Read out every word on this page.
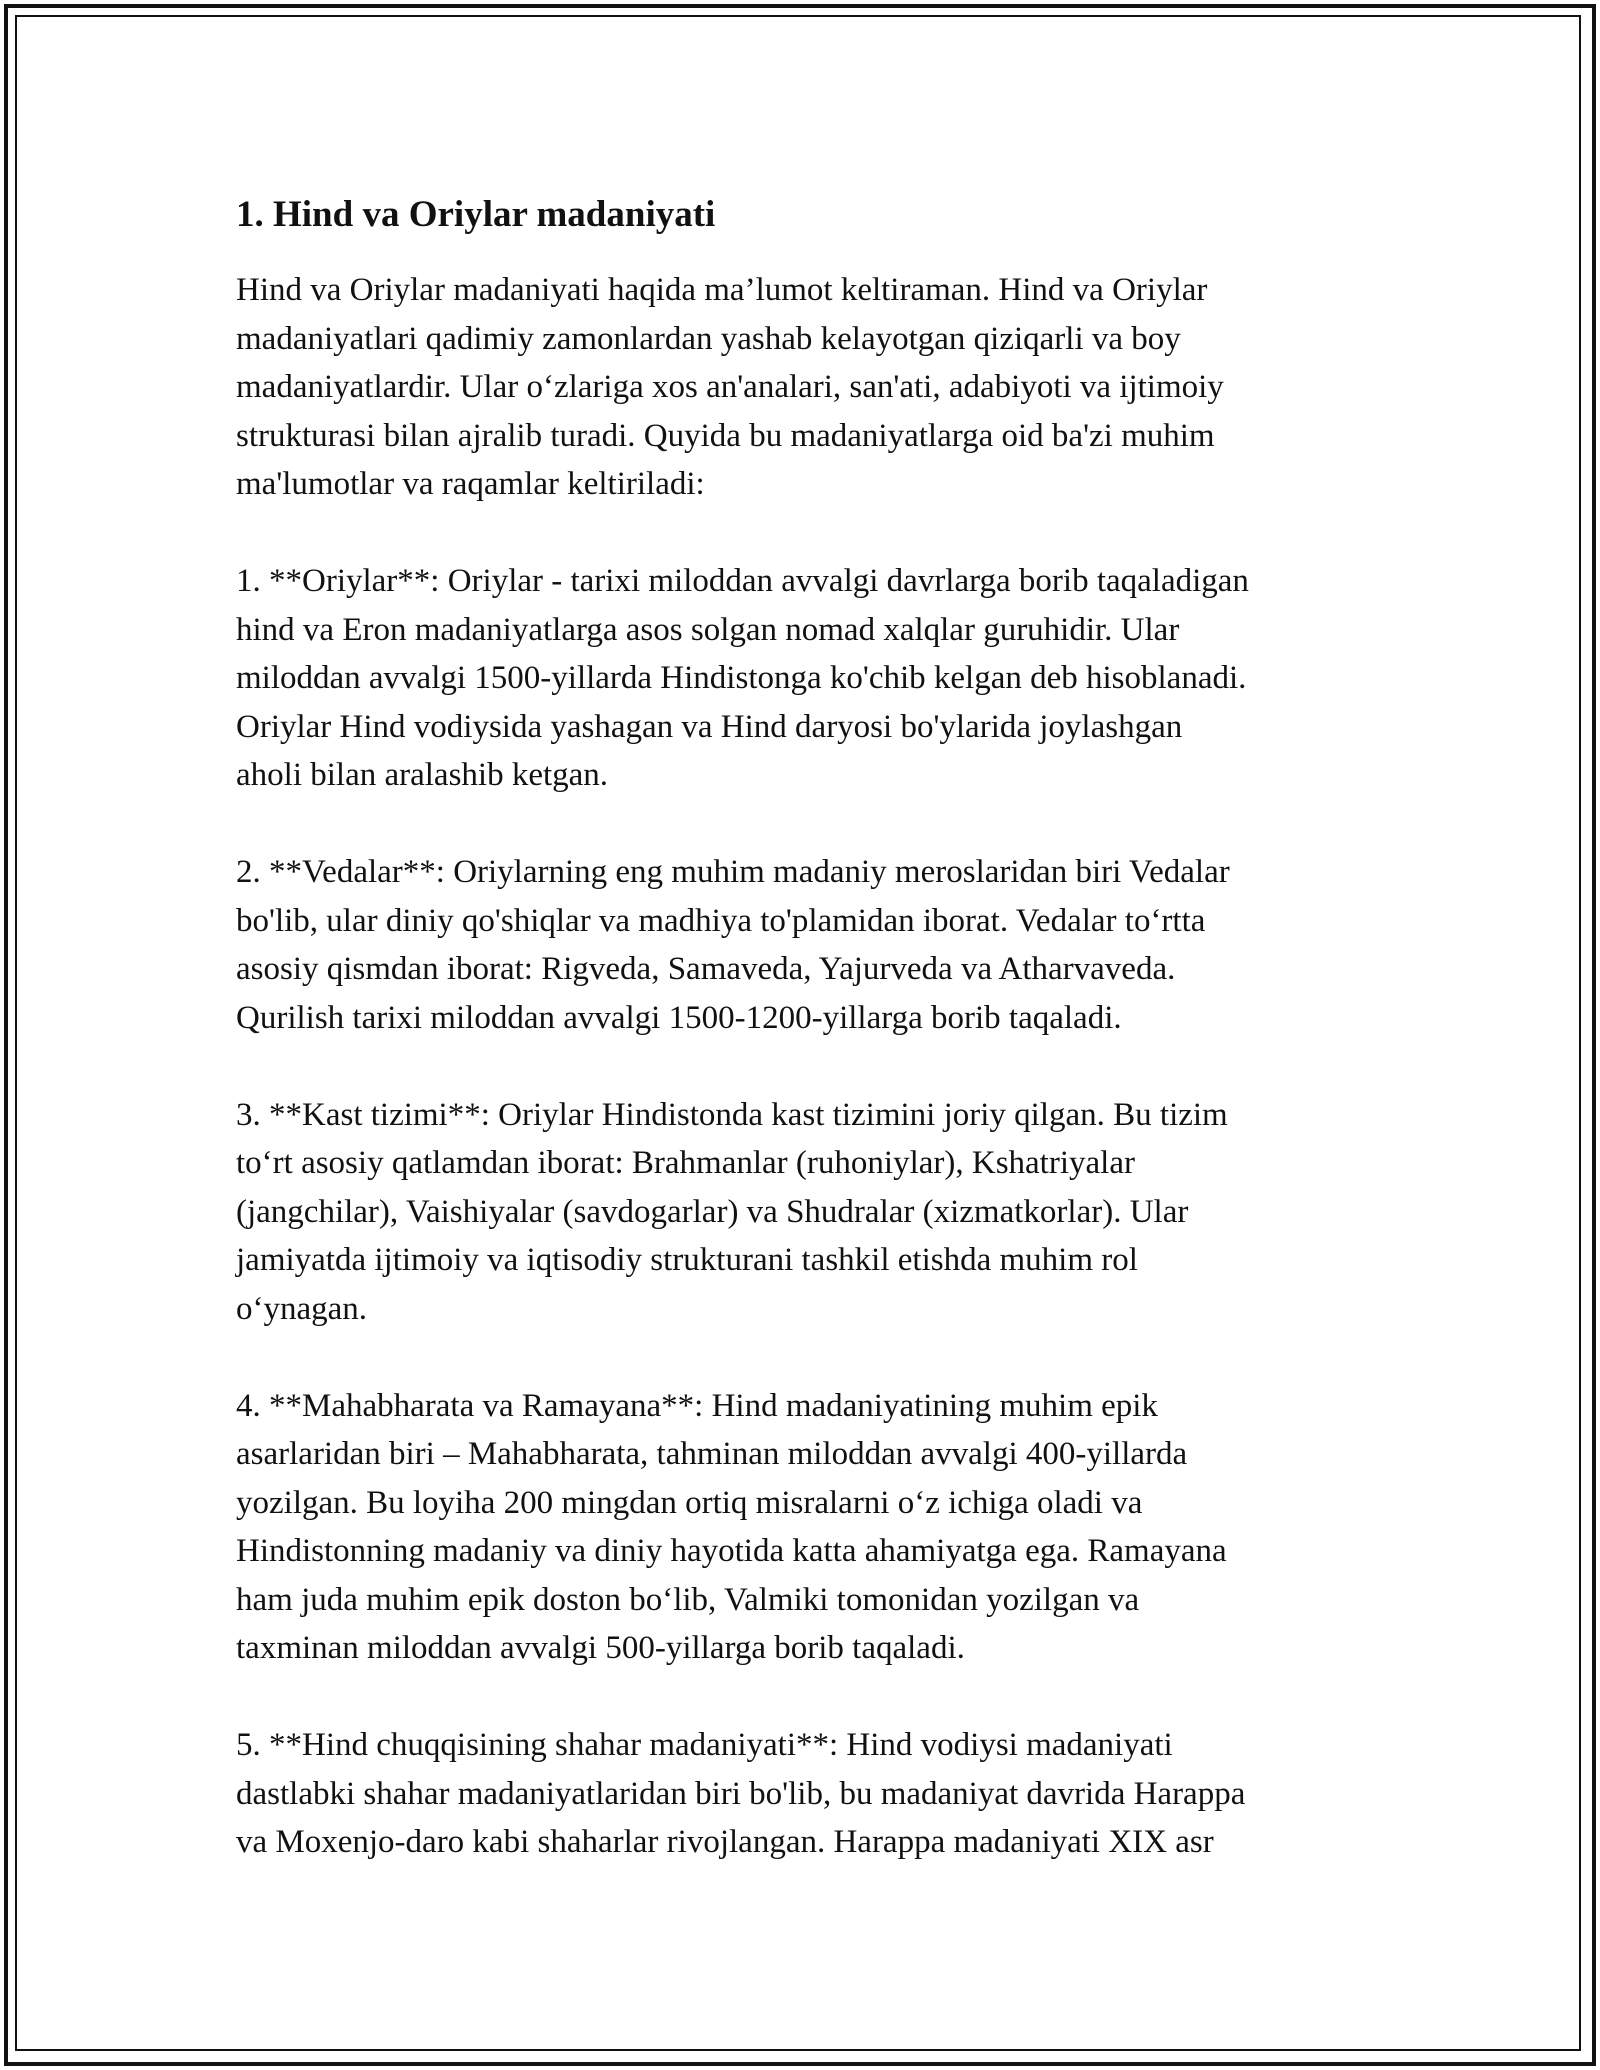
1. Hind va Oriylar madaniyati

Hind va Oriylar madaniyati haqida ma’lumot keltiraman. Hind va Oriylar
madaniyatlari qadimiy zamonlardan yashab kelayotgan qiziqarli va boy
madaniyatlardir. Ular o‘zlariga xos an'analari, san'ati, adabiyoti va ijtimoiy
strukturasi bilan ajralib turadi. Quyida bu madaniyatlarga oid ba'zi muhim
ma'lumotlar va raqamlar keltiriladi:

1. **Oriylar**: Oriylar - tarixi miloddan avvalgi davrlarga borib taqaladigan
hind va Eron madaniyatlarga asos solgan nomad xalqlar guruhidir. Ular
miloddan avvalgi 1500-yillarda Hindistonga ko'chib kelgan deb hisoblanadi.
Oriylar Hind vodiysida yashagan va Hind daryosi bo'ylarida joylashgan
aholi bilan aralashib ketgan.

2. **Vedalar**: Oriylarning eng muhim madaniy meroslaridan biri Vedalar
bo'lib, ular diniy qo'shiqlar va madhiya to'plamidan iborat. Vedalar to‘rtta
asosiy qismdan iborat: Rigveda, Samaveda, Yajurveda va Atharvaveda.
Qurilish tarixi miloddan avvalgi 1500-1200-yillarga borib taqaladi.

3. **Kast tizimi**: Oriylar Hindistonda kast tizimini joriy qilgan. Bu tizim
to‘rt asosiy qatlamdan iborat: Brahmanlar (ruhoniylar), Kshatriyalar
(jangchilar), Vaishiyalar (savdogarlar) va Shudralar (xizmatkorlar). Ular
jamiyatda ijtimoiy va iqtisodiy strukturani tashkil etishda muhim rol
o‘ynagan.

4. **Mahabharata va Ramayana**: Hind madaniyatining muhim epik
asarlaridan biri – Mahabharata, tahminan miloddan avvalgi 400-yillarda
yozilgan. Bu loyiha 200 mingdan ortiq misralarni o‘z ichiga oladi va
Hindistonning madaniy va diniy hayotida katta ahamiyatga ega. Ramayana
ham juda muhim epik doston bo‘lib, Valmiki tomonidan yozilgan va
taxminan miloddan avvalgi 500-yillarga borib taqaladi.

5. **Hind chuqqisining shahar madaniyati**: Hind vodiysi madaniyati
dastlabki shahar madaniyatlaridan biri bo'lib, bu madaniyat davrida Harappa
va Moxenjo-daro kabi shaharlar rivojlangan. Harappa madaniyati XIX asr
